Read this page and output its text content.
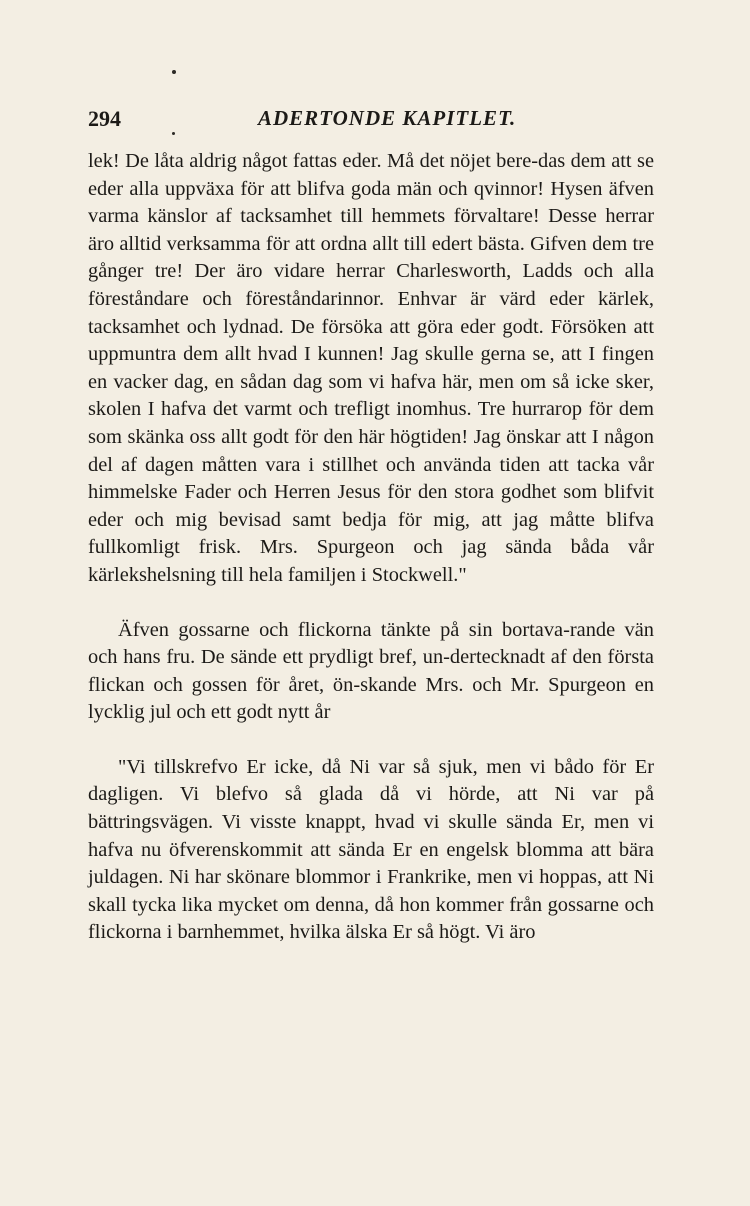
294	ADERTONDE KAPITLET.

lek! De låta aldrig något fattas eder. Må det nöjet bere-das dem att se eder alla uppväxa för att blifva goda män och qvinnor! Hysen äfven varma känslor af tacksamhet till hemmets förvaltare! Desse herrar äro alltid verksamma för att ordna allt till edert bästa. Gifven dem tre gånger tre! Der äro vidare herrar Charlesworth, Ladds och alla föreståndare och föreståndarinnor. Enhvar är värd eder kärlek, tacksamhet och lydnad. De försöka att göra eder godt. Försöken att uppmuntra dem allt hvad I kunnen! Jag skulle gerna se, att I fingen en vacker dag, en sådan dag som vi hafva här, men om så icke sker, skolen I hafva det varmt och trefligt inomhus. Tre hurrarop för dem som skänka oss allt godt för den här högtiden! Jag önskar att I någon del af dagen måtten vara i stillhet och använda tiden att tacka vår himmelske Fader och Herren Jesus för den stora godhet som blifvit eder och mig bevisad samt bedja för mig, att jag måtte blifva fullkomligt frisk. Mrs. Spurgeon och jag sända båda vår kärlekshelsning till hela familjen i Stockwell."

Äfven gossarne och flickorna tänkte på sin bortava-rande vän och hans fru. De sände ett prydligt bref, un-dertecknadt af den första flickan och gossen för året, ön-skande Mrs. och Mr. Spurgeon en lycklig jul och ett godt nytt år

"Vi tillskrefvo Er icke, då Ni var så sjuk, men vi bådo för Er dagligen. Vi blefvo så glada då vi hörde, att Ni var på bättringsvägen. Vi visste knappt, hvad vi skulle sända Er, men vi hafva nu öfverenskommit att sända Er en engelsk blomma att bära juldagen. Ni har skönare blommor i Frankrike, men vi hoppas, att Ni skall tycka lika mycket om denna, då hon kommer från gossarne och flickorna i barnhemmet, hvilka älska Er så högt. Vi äro
